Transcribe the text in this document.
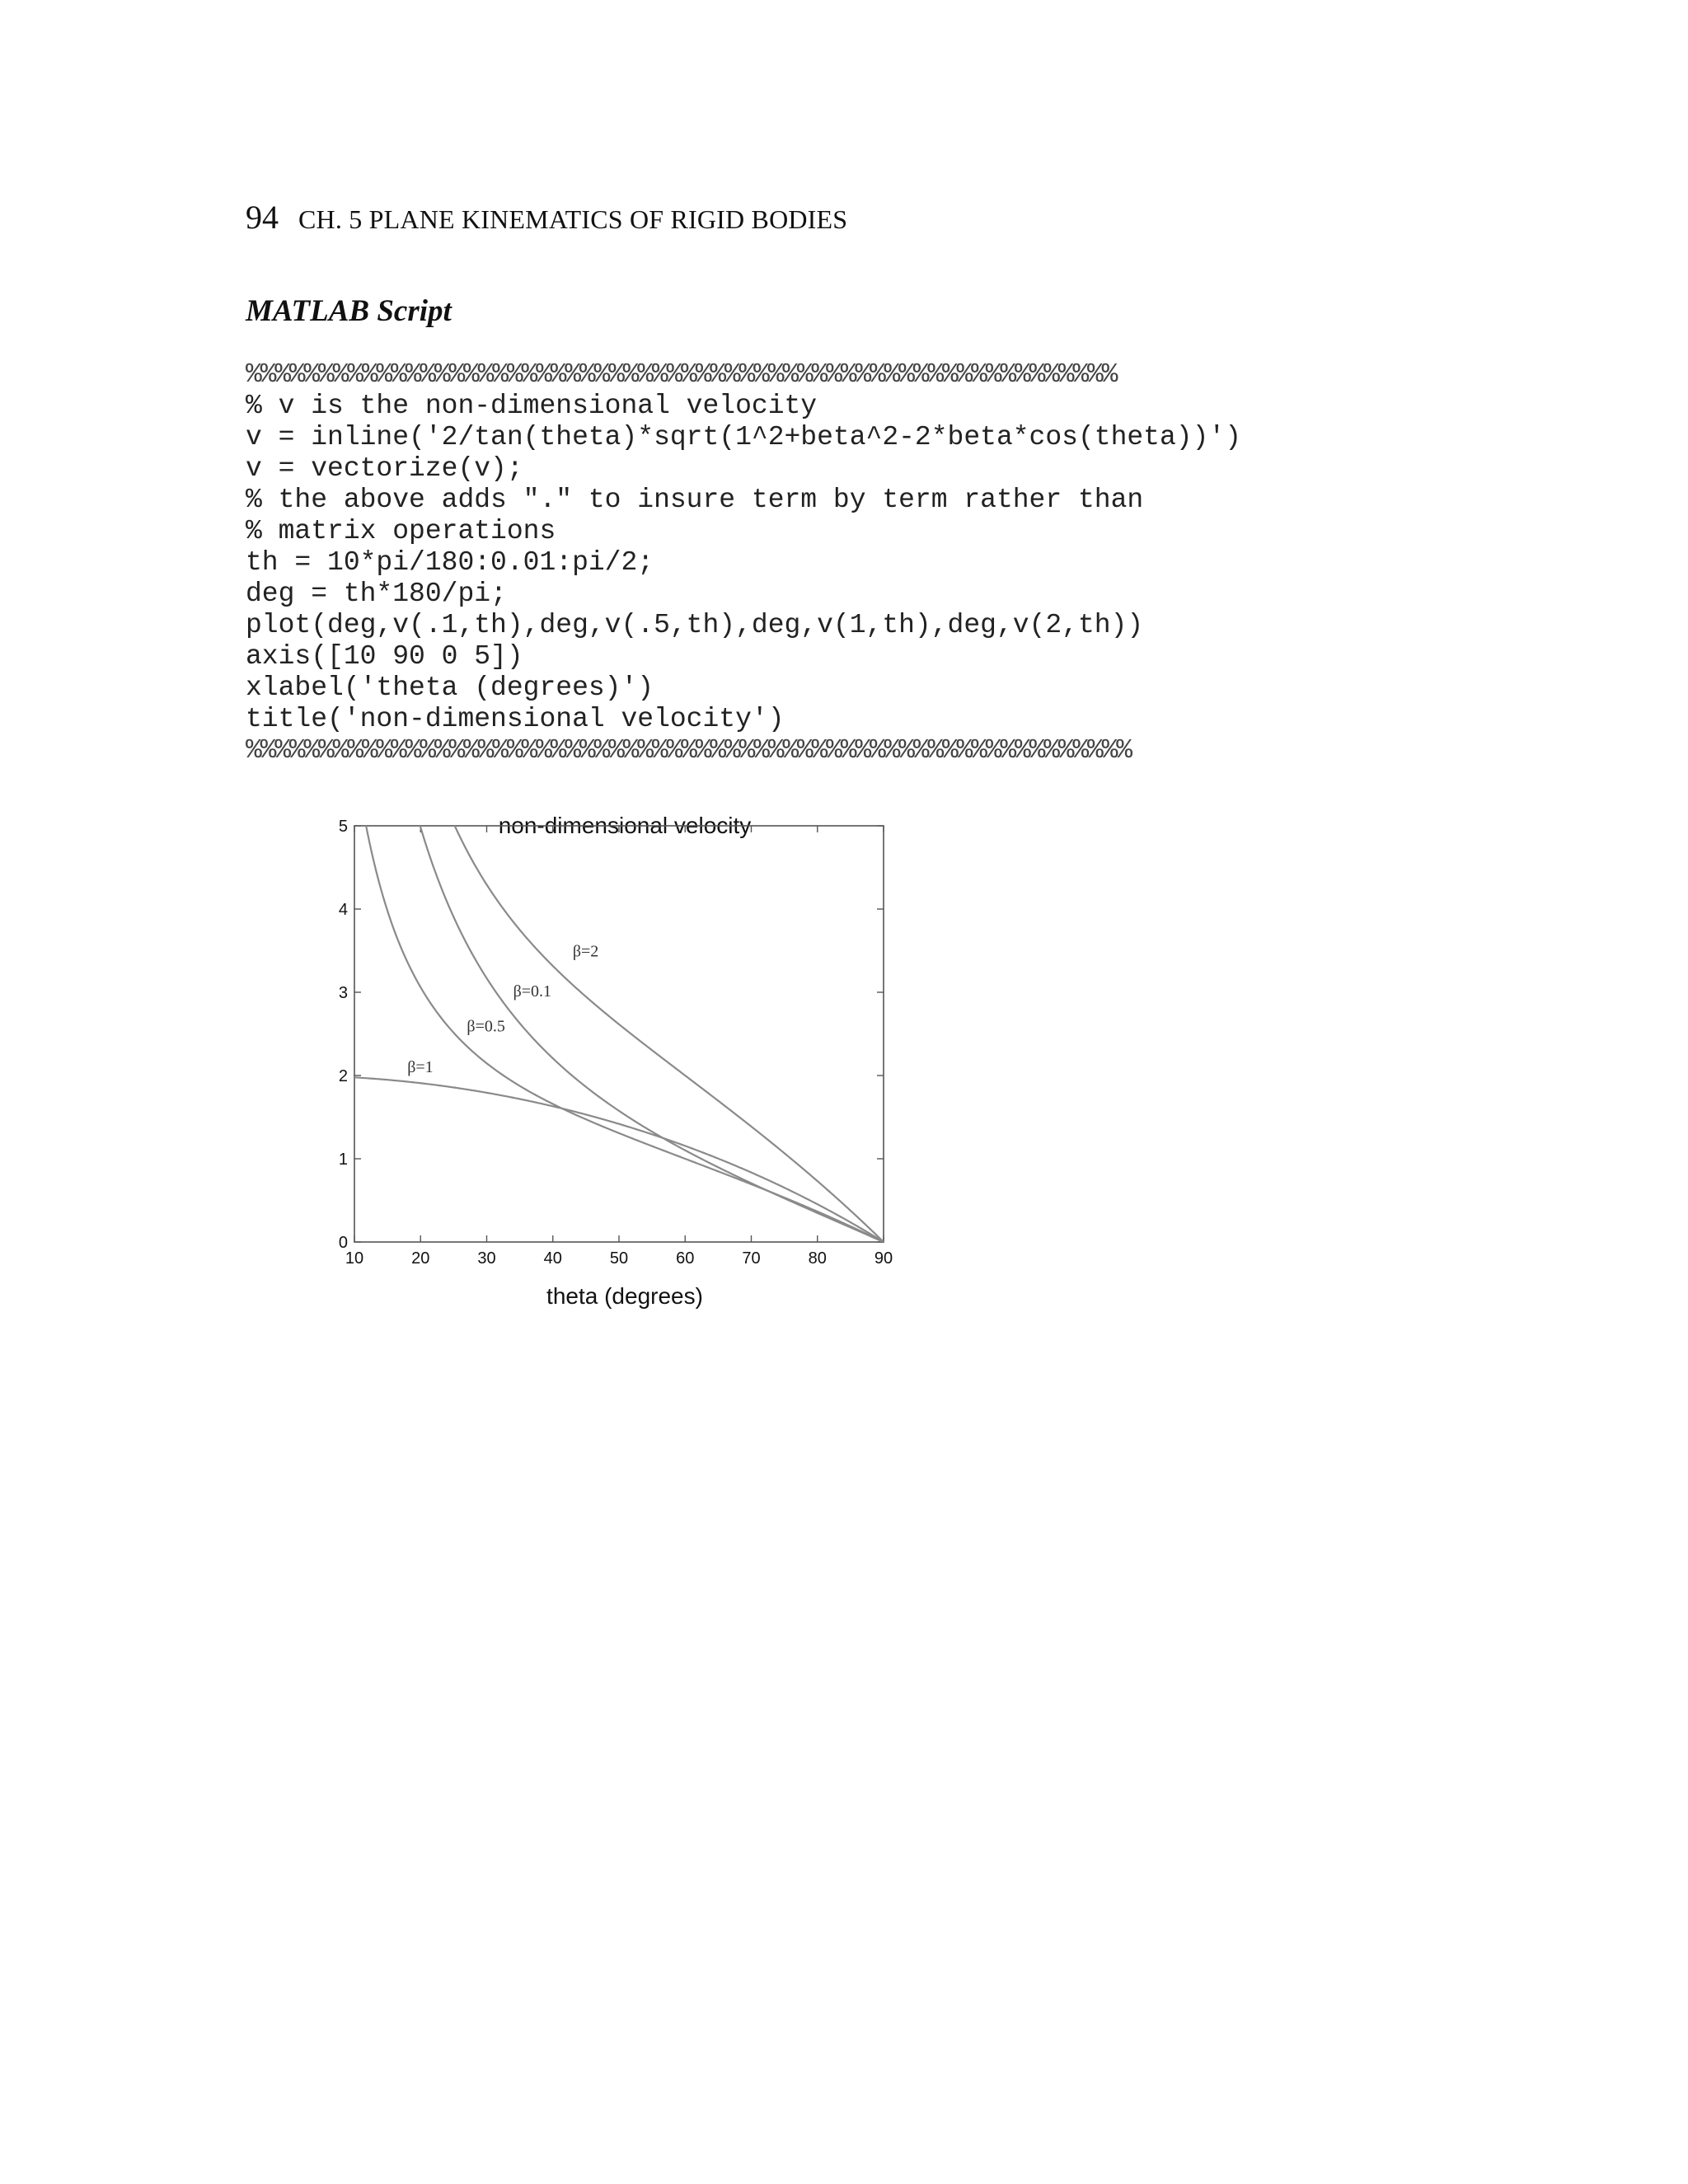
94 CH. 5 PLANE KINEMATICS OF RIGID BODIES
MATLAB Script
%%%%%%%%%%%%%%%%%%%%%%%%%%%%%%%%%%%%%%%%%%%%%%%%%%%%%%%%%%%%
% v is the non-dimensional velocity
v = inline('2/tan(theta)*sqrt(1^2+beta^2-2*beta*cos(theta))')
v = vectorize(v);
% the above adds "." to insure term by term rather than
% matrix operations
th = 10*pi/180:0.01:pi/2;
deg = th*180/pi;
plot(deg,v(.1,th),deg,v(.5,th),deg,v(1,th),deg,v(2,th))
axis([10 90 0 5])
xlabel('theta (degrees)')
title('non-dimensional velocity')
%%%%%%%%%%%%%%%%%%%%%%%%%%%%%%%%%%%%%%%%%%%%%%%%%%%%%%%%%%%%%
non-dimensional velocity
10	20	30	40	50	60	70	80	90
0
1
2
3
4
5
β=0.1
β=0.5
β=1
β=2
theta (degrees)
